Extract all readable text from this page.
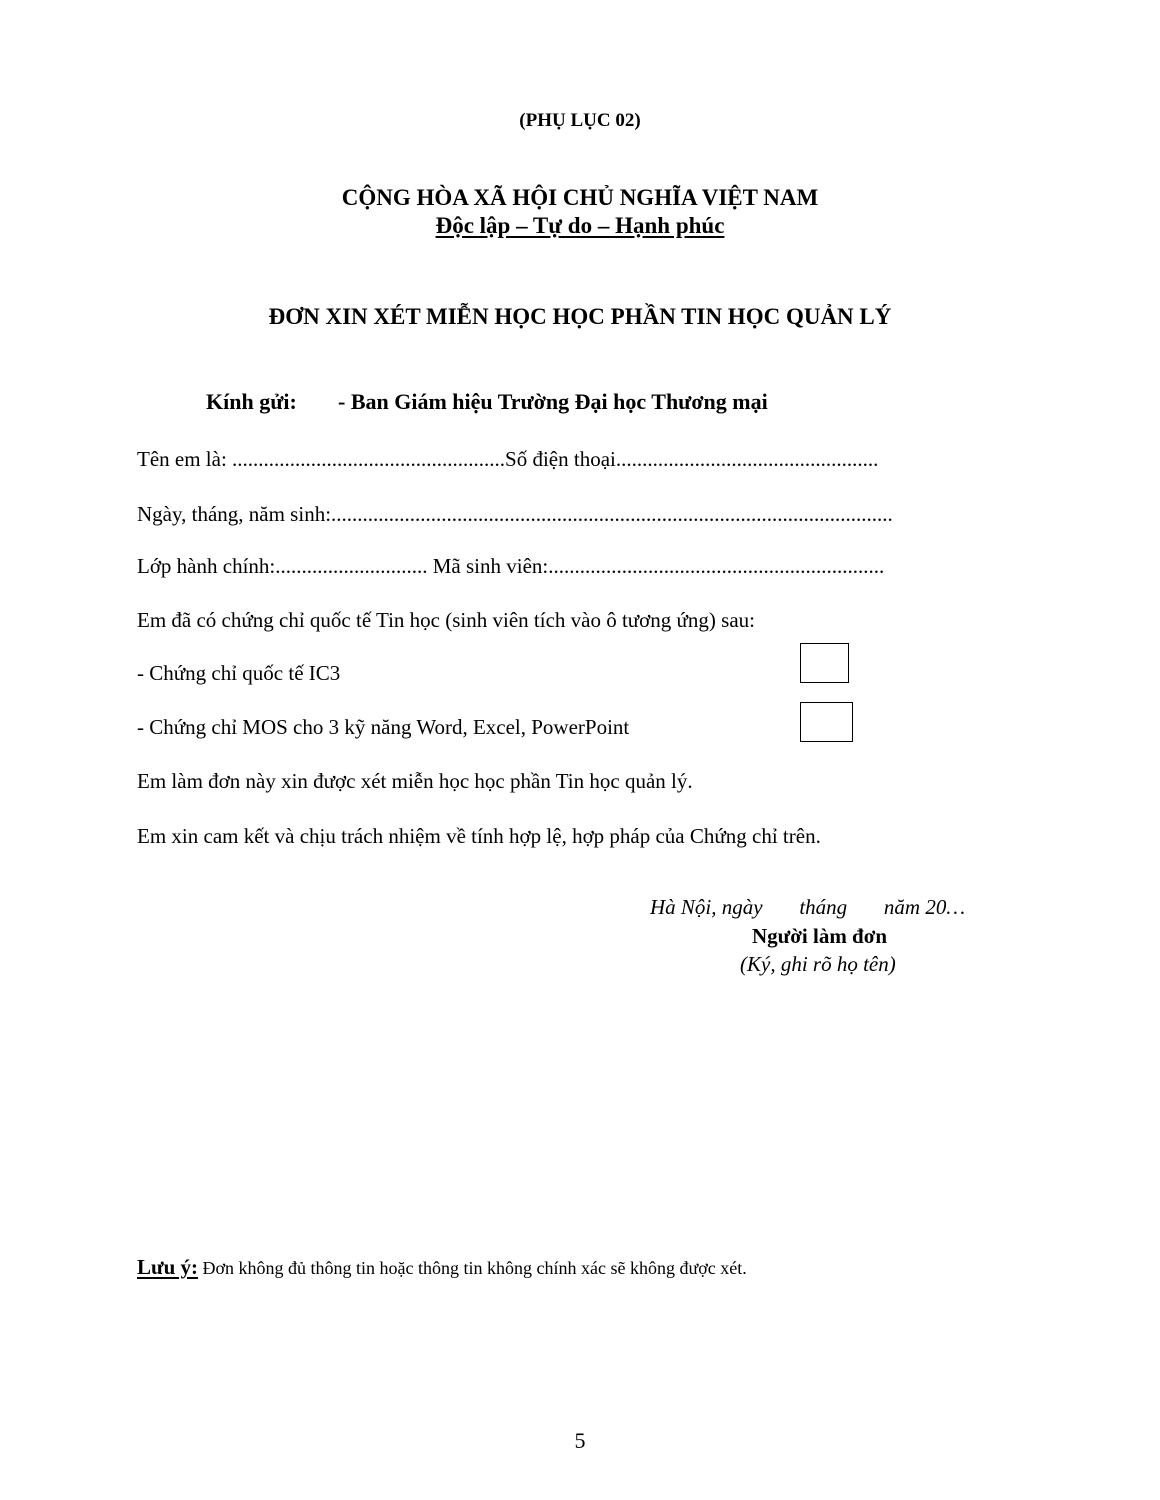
(PHỤ LỤC 02)
CỘNG HÒA XÃ HỘI CHỦ NGHĨA VIỆT NAM
Độc lập – Tự do – Hạnh phúc
ĐƠN XIN XÉT MIỄN HỌC HỌC PHẦN TIN HỌC QUẢN LÝ
Kính gửi: - Ban Giám hiệu Trường Đại học Thương mại
Tên em là: ....................................................Số điện thoại..................................................
Ngày, tháng, năm sinh:...........................................................................................................
Lớp hành chính:............................. Mã sinh viên:................................................................
Em đã có chứng chỉ quốc tế Tin học (sinh viên tích vào ô tương ứng) sau:
- Chứng chỉ quốc tế IC3
- Chứng chỉ MOS cho 3 kỹ năng Word, Excel, PowerPoint
Em làm đơn này xin được xét miễn học học phần Tin học quản lý.
Em xin cam kết và chịu trách nhiệm về tính hợp lệ, hợp pháp của Chứng chỉ trên.
Hà Nội, ngày       tháng       năm 20…
Người làm đơn
(Ký, ghi rõ họ tên)
Lưu ý: Đơn không đủ thông tin hoặc thông tin không chính xác sẽ không được xét.
5
